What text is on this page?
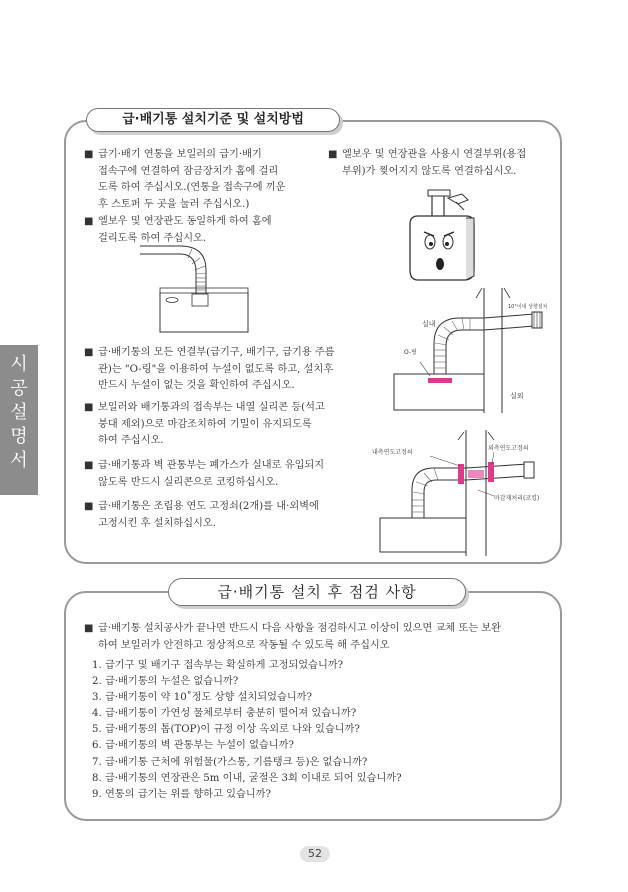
급·배기통 설치기준 및 설치방법
■ 급기·배기 연통을 보일러의 급기·배기
접속구에 연결하여 잠금장치가 홈에 걸리
도록 하여 주십시오.(연통을 접속구에 끼운
후 스토퍼 두 곳을 눌러 주십시오.)
■ 엘보우 및 연장관도 동일하게 하여 홈에
걸리도록 하여 주십시오.
■ 급·배기통의 모든 연결부(급기구, 배기구, 급기용 주름
관)는 "O-링"을 이용하여 누설이 없도록 하고, 설치후
반드시 누설이 없는 것을 확인하여 주십시오.
■ 보일러와 배기통과의 접속부는 내열 실리콘 등(석고
붕대 제외)으로 마감조치하여 기밀이 유지되도록
하여 주십시오.
■ 급·배기통과 벽 관통부는 폐가스가 실내로 유입되지
않도록 반드시 실리콘으로 코킹하십시오.
■ 급·배기통은 조립용 연도 고정쇠(2개)를 내·외벽에
고정시킨 후 설치하십시오.
■ 엘보우 및 연장관을 사용시 연결부위(용접
부위)가 찢어지지 않도록 연결하십시오.
실내
O-링
10°이내 상향설치
실외
내측연도고정쇠
외측연도고정쇠
마감재처리(코킹)
시
공
설
명
서
급·배기통 설치 후 점검 사항
■ 급·배기통 설치공사가 끝나면 반드시 다음 사항을 점검하시고 이상이 있으면 교체 또는 보완
하여 보일러가 안전하고 정상적으로 작동될 수 있도록 해 주십시오
1. 급기구 및 배기구 접속부는 확실하게 고정되었습니까?
2. 급·배기통의 누설은 없습니까?
3. 급·배기통이 약 10˚정도 상향 설치되었습니까?
4. 급·배기통이 가연성 물체로부터 충분히 떨어져 있습니까?
5. 급·배기통의 톱(TOP)이 규정 이상 옥외로 나와 있습니까?
6. 급·배기통의 벽 관통부는 누설이 없습니까?
7. 급·배기통 근처에 위험물(가스통, 기름탱크 등)은 없습니까?
8. 급·배기통의 연장관은 5m 이내, 굴절은 3회 이내로 되어 있습니까?
9. 연통의 급기는 위를 향하고 있습니까?
52
